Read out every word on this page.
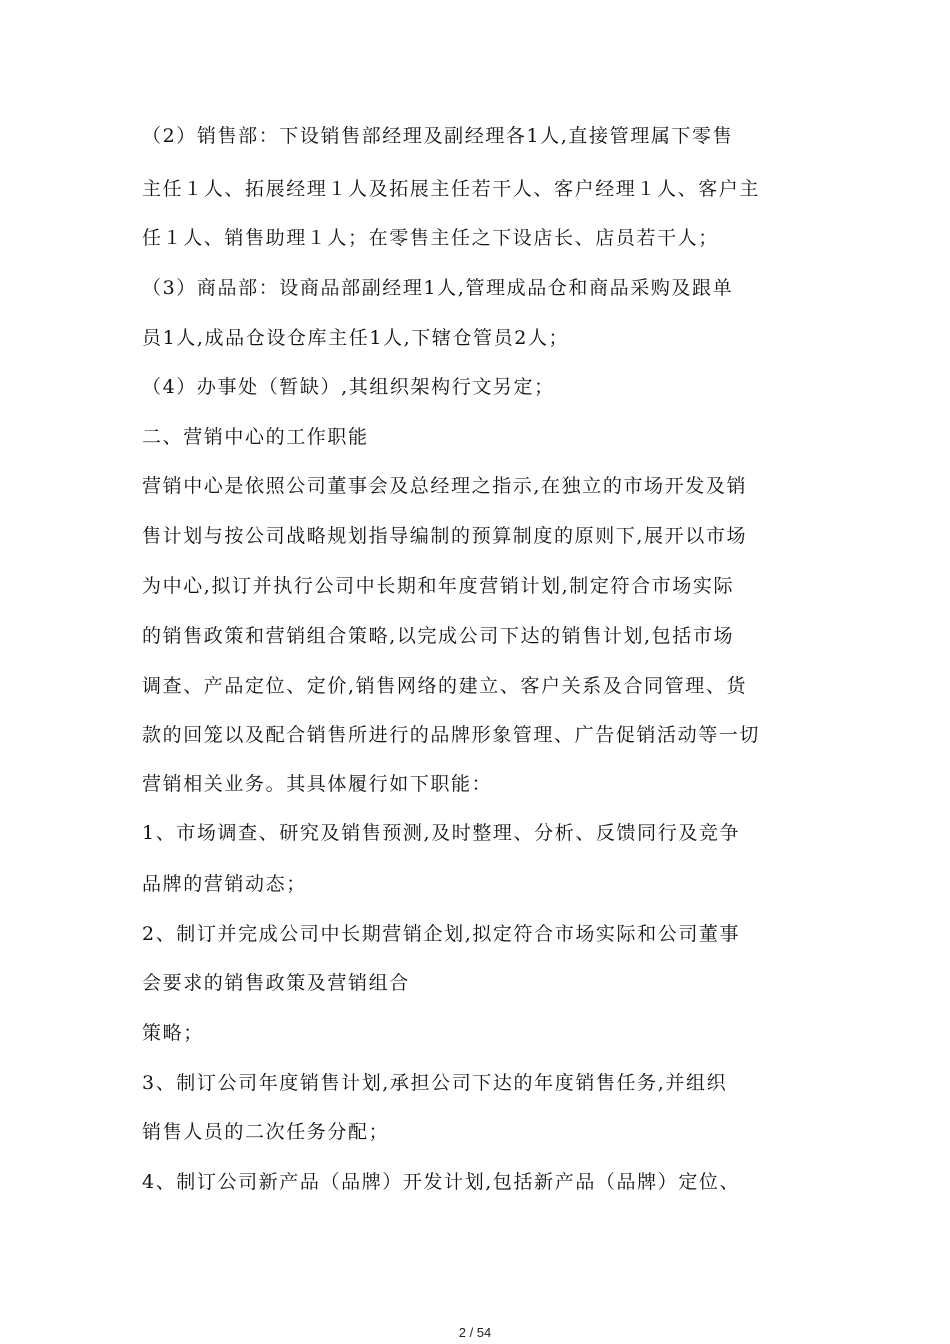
（2）销售部：下设销售部经理及副经理各1人,直接管理属下零售
主任１人、拓展经理１人及拓展主任若干人、客户经理１人、客户主
任１人、销售助理１人；在零售主任之下设店长、店员若干人；
（3）商品部：设商品部副经理1人,管理成品仓和商品采购及跟单
员1人,成品仓设仓库主任1人,下辖仓管员2人；
（4）办事处（暂缺）,其组织架构行文另定；
二、营销中心的工作职能
营销中心是依照公司董事会及总经理之指示,在独立的市场开发及销
售计划与按公司战略规划指导编制的预算制度的原则下,展开以市场
为中心,拟订并执行公司中长期和年度营销计划,制定符合市场实际
的销售政策和营销组合策略,以完成公司下达的销售计划,包括市场
调查、产品定位、定价,销售网络的建立、客户关系及合同管理、货
款的回笼以及配合销售所进行的品牌形象管理、广告促销活动等一切
营销相关业务。其具体履行如下职能：
1、市场调查、研究及销售预测,及时整理、分析、反馈同行及竞争
品牌的营销动态；
2、制订并完成公司中长期营销企划,拟定符合市场实际和公司董事
会要求的销售政策及营销组合
策略；
3、制订公司年度销售计划,承担公司下达的年度销售任务,并组织
销售人员的二次任务分配；
4、制订公司新产品（品牌）开发计划,包括新产品（品牌）定位、
2 / 54
